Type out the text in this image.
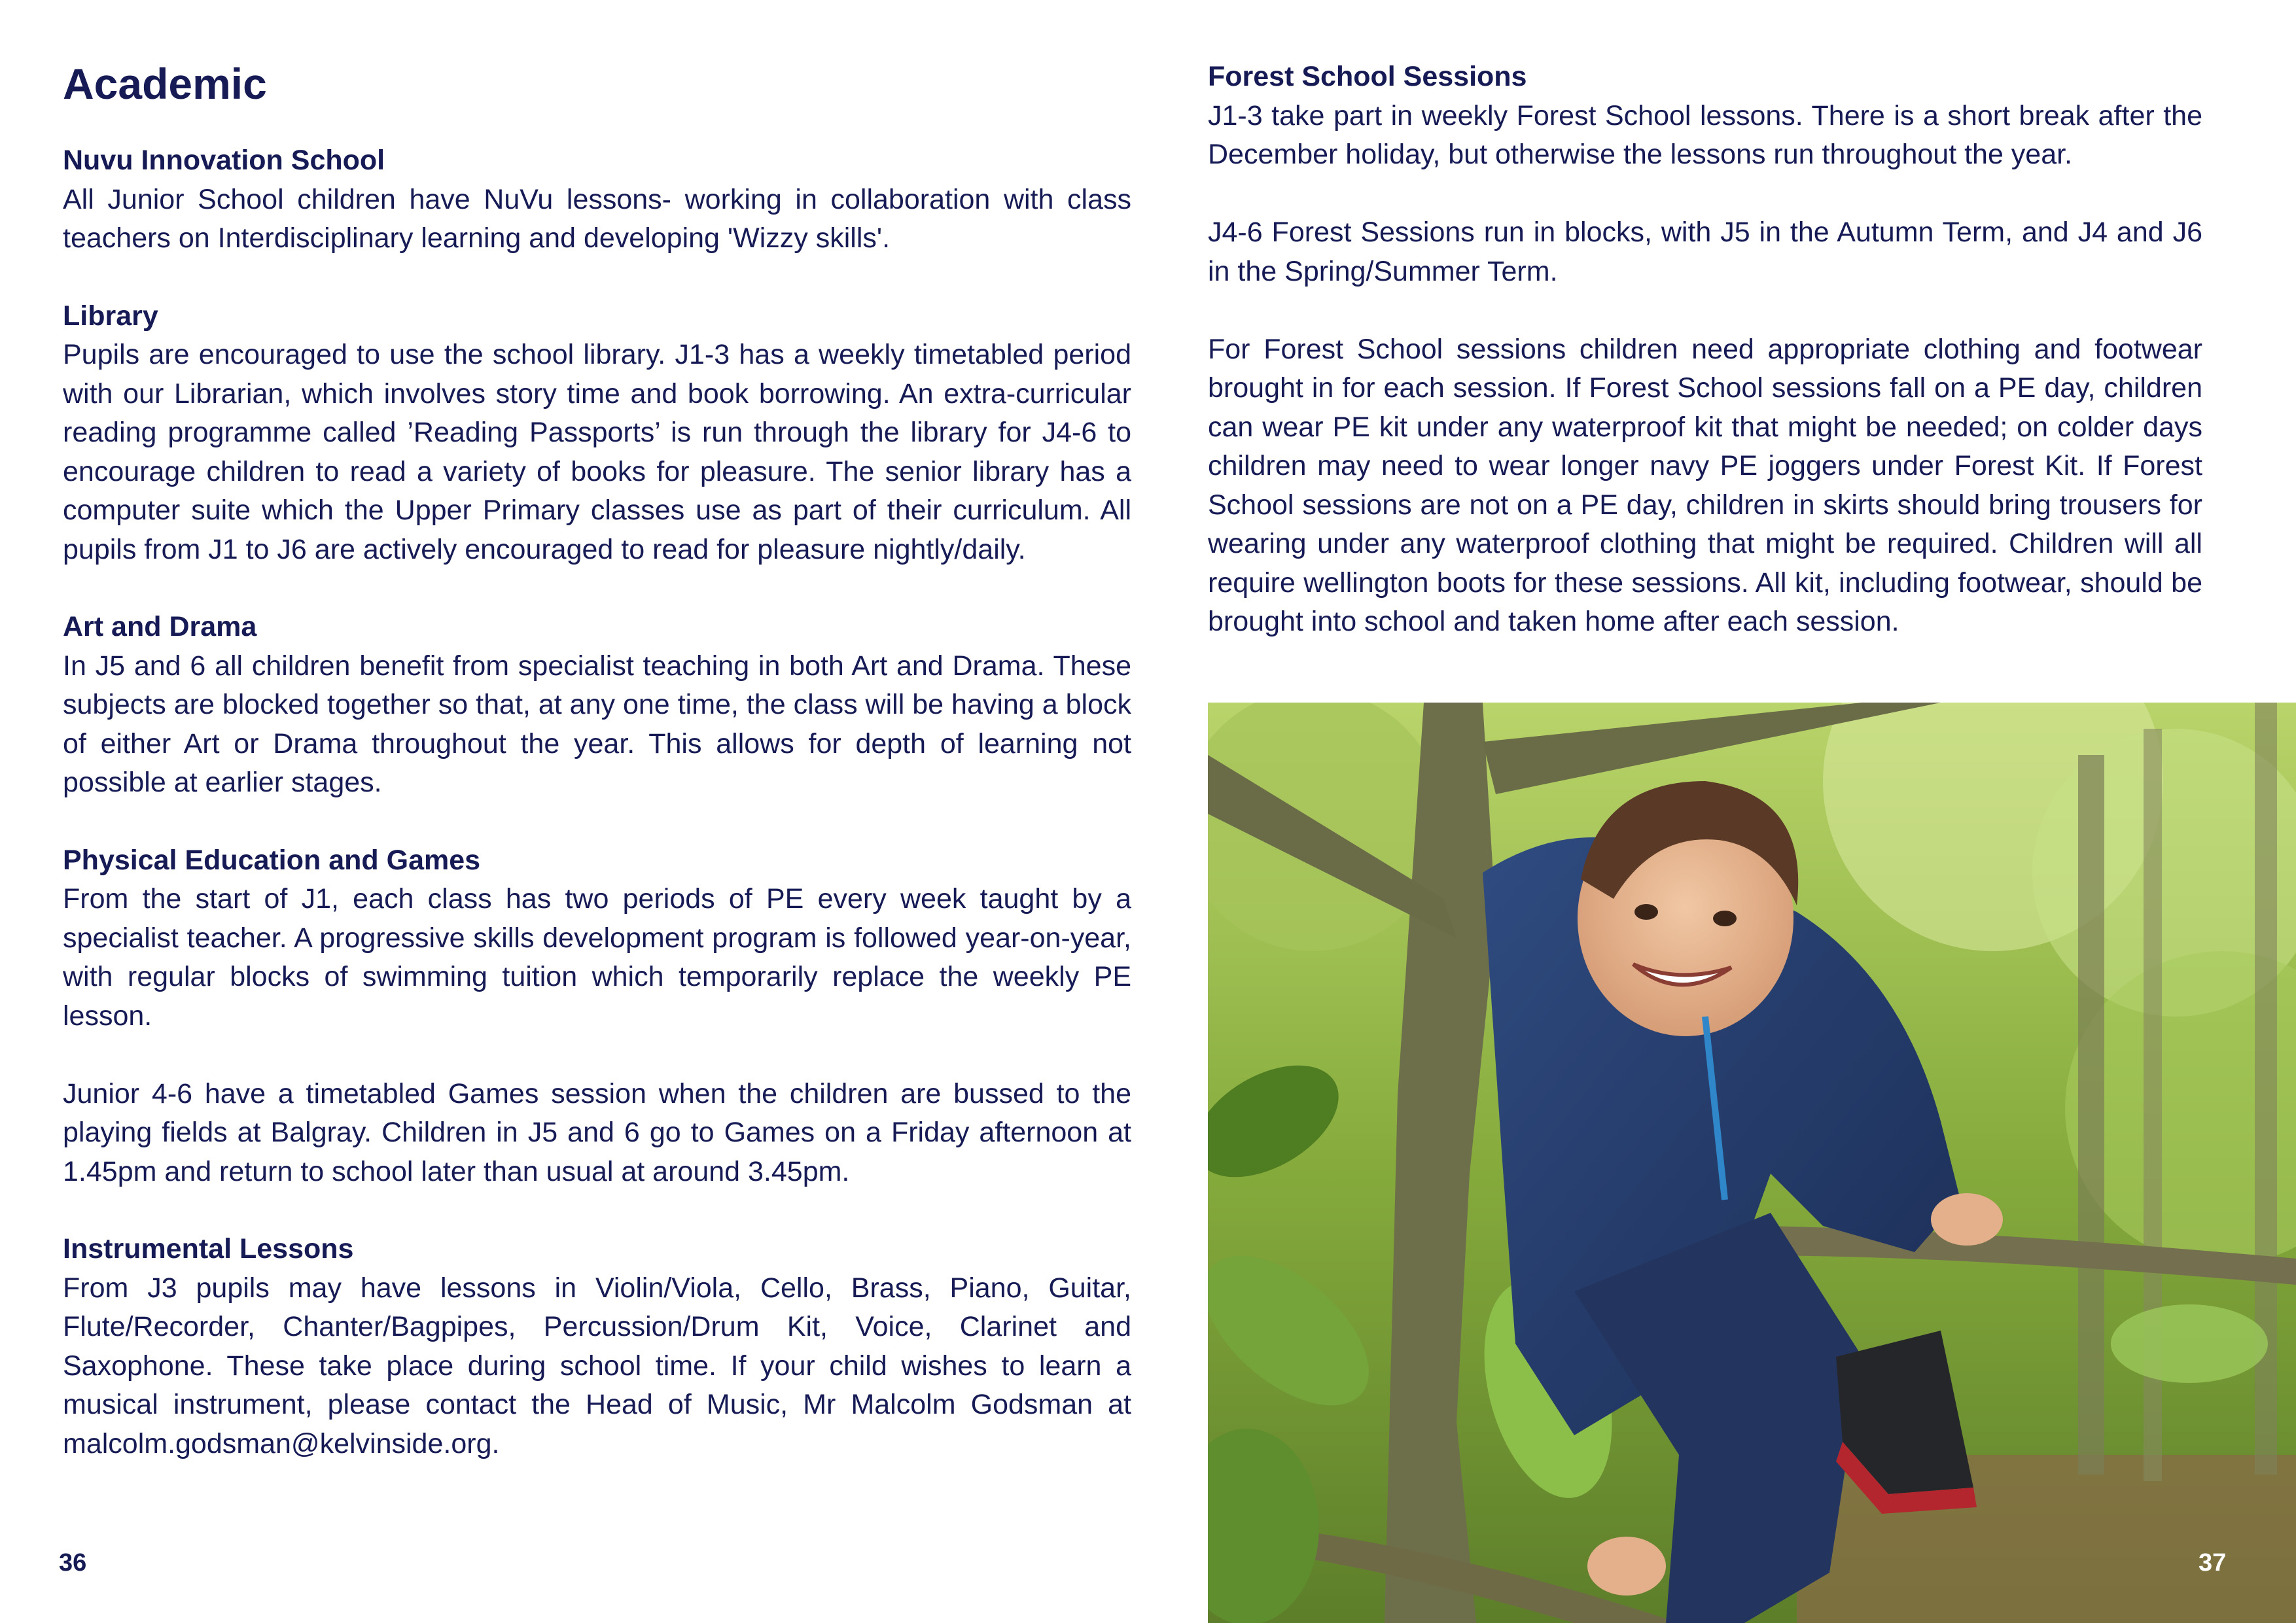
Academic
Nuvu Innovation School

All Junior School children have NuVu lessons- working in collaboration with class teachers on Interdisciplinary learning and developing 'Wizzy skills'.

Library

Pupils are encouraged to use the school library. J1-3 has a weekly timetabled period with our Librarian, which involves story time and book borrowing. An extra-curricular reading programme called ’Reading Passports’ is run through the library for J4-6 to encourage children to read a variety of books for pleasure. The senior library has a computer suite which the Upper Primary classes use as part of their curriculum. All pupils from J1 to J6 are actively encouraged to read for pleasure nightly/daily.

Art and Drama

In J5 and 6 all children benefit from specialist teaching in both Art and Drama. These subjects are blocked together so that, at any one time, the class will be having a block of either Art or Drama throughout the year. This allows for depth of learning not possible at earlier stages.

Physical Education and Games

From the start of J1, each class has two periods of PE every week taught by a specialist teacher. A progressive skills development program is followed year-on-year, with regular blocks of swimming tuition which temporarily replace the weekly PE lesson.

Junior 4-6 have a timetabled Games session when the children are bussed to the playing fields at Balgray. Children in J5 and 6 go to Games on a Friday afternoon at 1.45pm and return to school later than usual at around 3.45pm.

Instrumental Lessons

From J3 pupils may have lessons in Violin/Viola, Cello, Brass, Piano, Guitar, Flute/Recorder, Chanter/Bagpipes, Percussion/Drum Kit, Voice, Clarinet and Saxophone. These take place during school time. If your child wishes to learn a musical instrument, please contact the Head of Music, Mr Malcolm Godsman at malcolm.godsman@kelvinside.org.

36
Forest School Sessions

J1-3 take part in weekly Forest School lessons. There is a short break after the December holiday, but otherwise the lessons run throughout the year.

J4-6 Forest Sessions run in blocks, with J5 in the Autumn Term, and J4 and J6 in the Spring/Summer Term.

For Forest School sessions children need appropriate clothing and footwear brought in for each session. If Forest School sessions fall on a PE day, children can wear PE kit under any waterproof kit that might be needed; on colder days children may need to wear longer navy PE joggers under Forest Kit. If Forest School sessions are not on a PE day, children in skirts should bring trousers for wearing under any waterproof clothing that might be required. Children will all require wellington boots for these sessions. All kit, including footwear, should be brought into school and taken home after each session.

37
